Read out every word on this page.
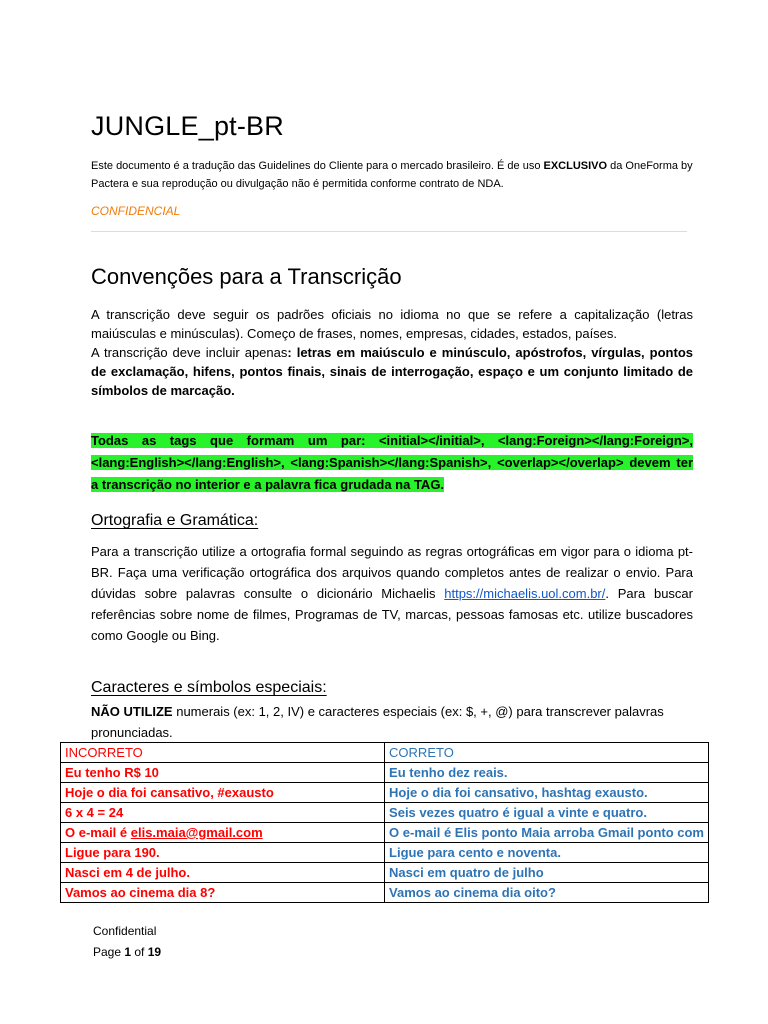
JUNGLE_pt-BR

Este documento é a tradução das Guidelines do Cliente para o mercado brasileiro. É de uso EXCLUSIVO da OneForma by Pactera e sua reprodução ou divulgação não é permitida conforme contrato de NDA.

CONFIDENCIAL
Convenções para a Transcrição

A transcrição deve seguir os padrões oficiais no idioma no que se refere a capitalização (letras maiúsculas e minúsculas). Começo de frases, nomes, empresas, cidades, estados, países.

A transcrição deve incluir apenas: letras em maiúsculo e minúsculo, apóstrofos, vírgulas, pontos de exclamação, hifens, pontos finais, sinais de interrogação, espaço e um conjunto limitado de símbolos de marcação.

Todas as tags que formam um par: <initial></initial>, <lang:Foreign></lang:Foreign>, <lang:English></lang:English>, <lang:Spanish></lang:Spanish>, <overlap></overlap> devem ter a transcrição no interior e a palavra fica grudada na TAG.

Ortografia e Gramática:

Para a transcrição utilize a ortografia formal seguindo as regras ortográficas em vigor para o idioma pt-BR. Faça uma verificação ortográfica dos arquivos quando completos antes de realizar o envio. Para dúvidas sobre palavras consulte o dicionário Michaelis https://michaelis.uol.com.br/. Para buscar referências sobre nome de filmes, Programas de TV, marcas, pessoas famosas etc. utilize buscadores como Google ou Bing.

Caracteres e símbolos especiais:

NÃO UTILIZE numerais (ex: 1, 2, IV) e caracteres especiais (ex: $, +, @) para transcrever palavras pronunciadas.

INCORRETO	CORRETO
Eu tenho R$ 10	Eu tenho dez reais.
Hoje o dia foi cansativo, #exausto	Hoje o dia foi cansativo, hashtag exausto.
6 x 4 = 24	Seis vezes quatro é igual a vinte e quatro.
O e-mail é elis.maia@gmail.com	O e-mail é Elis ponto Maia arroba Gmail ponto com
Ligue para 190.	Ligue para cento e noventa.
Nasci em 4 de julho.	Nasci em quatro de julho
Vamos ao cinema dia 8?	Vamos ao cinema dia oito?
Confidential
Page 1 of 19
